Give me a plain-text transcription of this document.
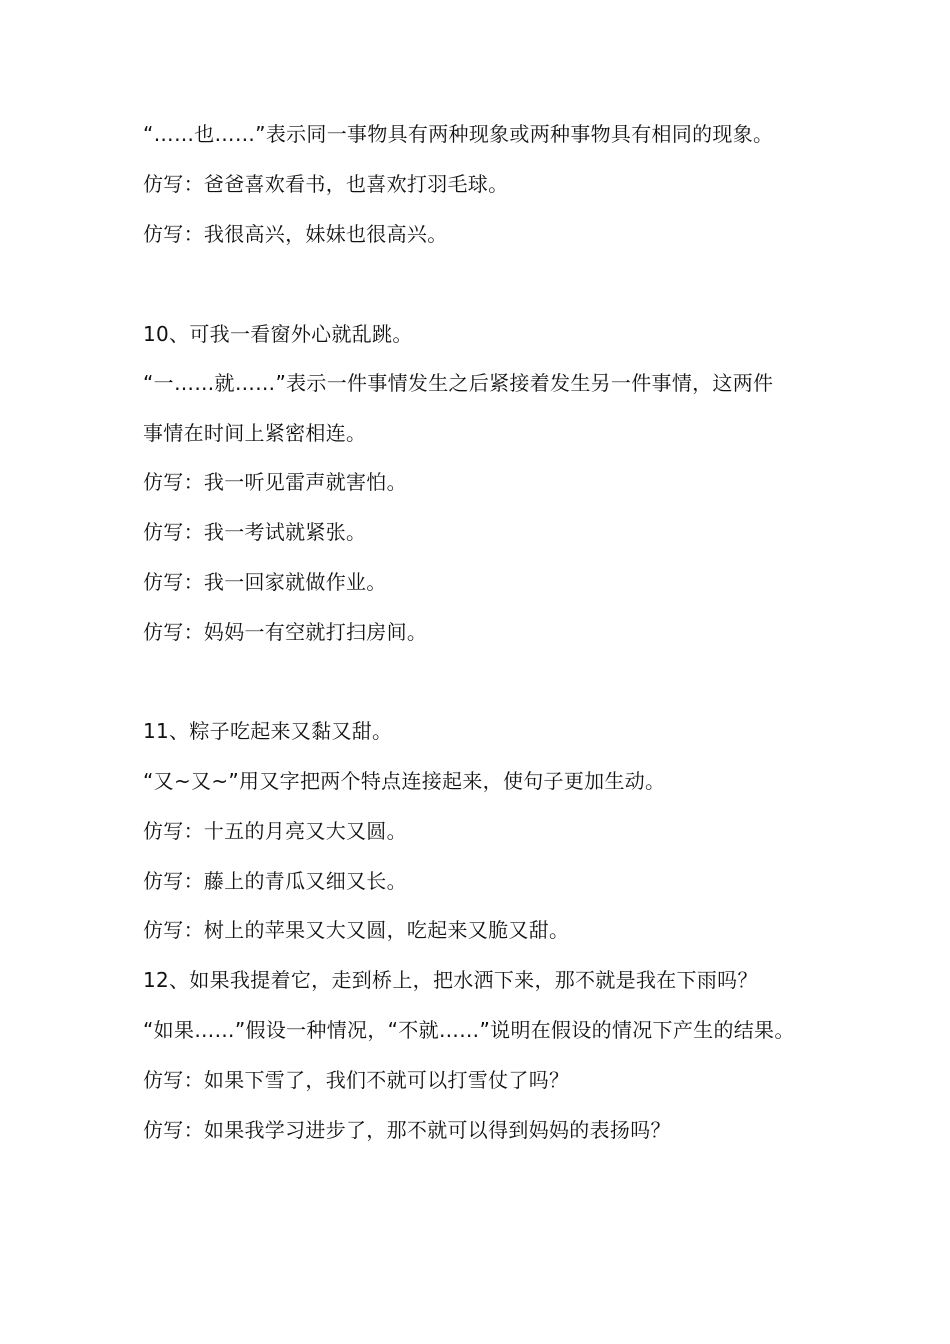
“……也……”表示同一事物具有两种现象或两种事物具有相同的现象。
仿写：爸爸喜欢看书，也喜欢打羽毛球。
仿写：我很高兴，妹妹也很高兴。
10、可我一看窗外心就乱跳。
“一……就……”表示一件事情发生之后紧接着发生另一件事情，这两件
事情在时间上紧密相连。
仿写：我一听见雷声就害怕。
仿写：我一考试就紧张。
仿写：我一回家就做作业。
仿写：妈妈一有空就打扫房间。
11、粽子吃起来又黏又甜。
“又~又~”用又字把两个特点连接起来，使句子更加生动。
仿写：十五的月亮又大又圆。
仿写：藤上的青瓜又细又长。
仿写：树上的苹果又大又圆，吃起来又脆又甜。
12、如果我提着它，走到桥上，把水洒下来，那不就是我在下雨吗？
“如果……”假设一种情况，“不就……”说明在假设的情况下产生的结果。
仿写：如果下雪了，我们不就可以打雪仗了吗？
仿写：如果我学习进步了，那不就可以得到妈妈的表扬吗？
